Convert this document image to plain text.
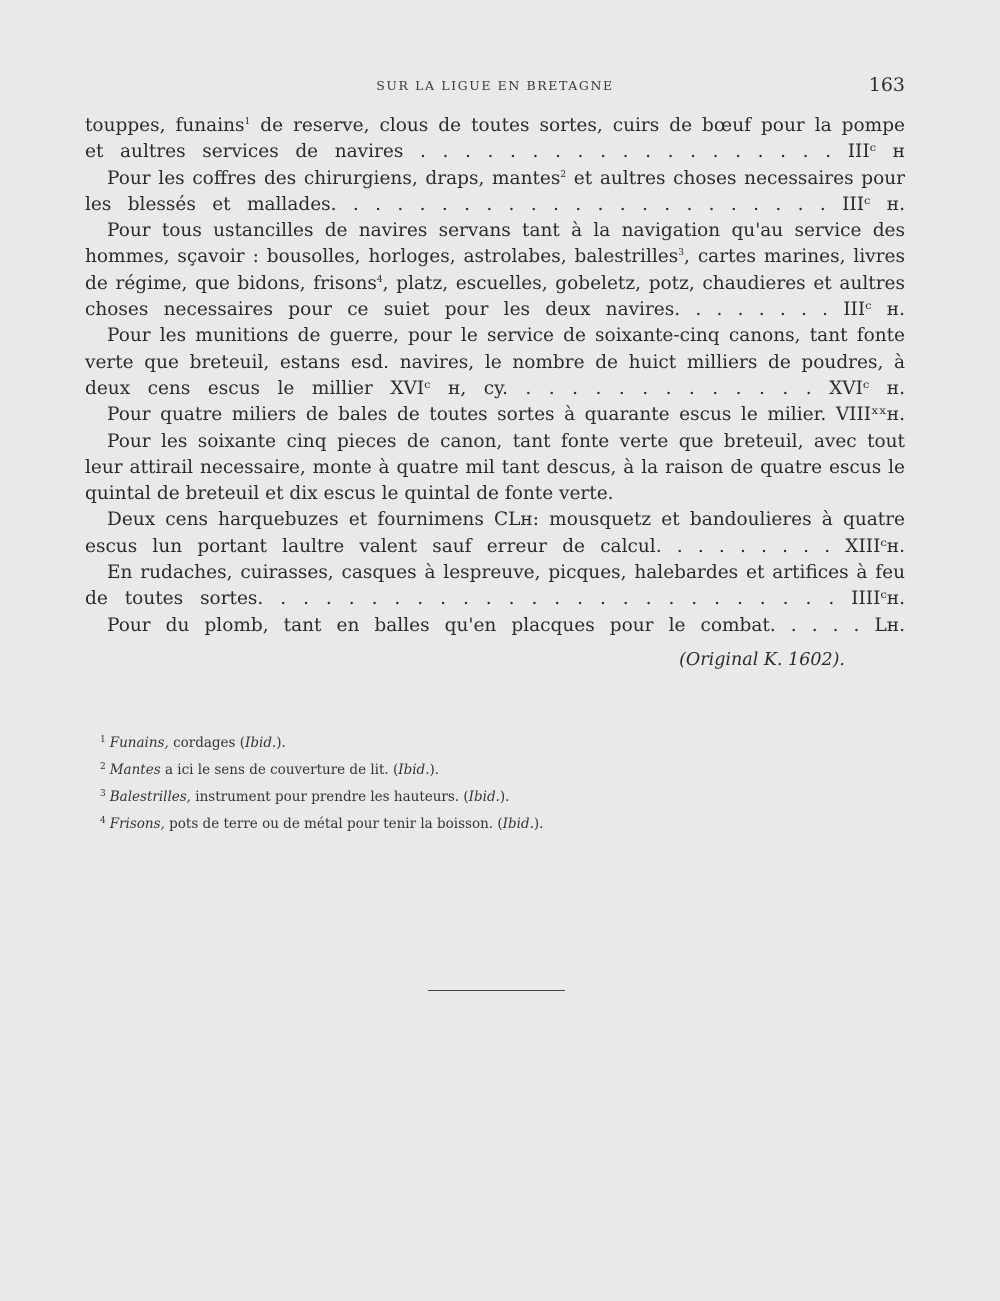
SUR LA LIGUE EN BRETAGNE	163
touppes, funains$^1$ de reserve, clous de toutes sortes, cuirs de bœuf pour la pompe
et aultres services de navires . . . . . . . . . . . . . . . . . . . IIIᶜ ʜ
Pour les coffres des chirurgiens, draps, mantes$^2$ et aultres choses necessaires pour
les blessés et mallades. . . . . . . . . . . . . . . . . . . . . . . IIIᶜ ʜ.
Pour tous ustancilles de navires servans tant à la navigation qu'au service des
hommes, sçavoir : bousolles, horloges, astrolabes, balestrilles$^3$, cartes marines, livres
de régime, que bidons, frisons$^4$, platz, escuelles, gobeletz, potz, chaudieres et aultres
choses necessaires pour ce suiet pour les deux navires. . . . . . . . IIIᶜ ʜ.
Pour les munitions de guerre, pour le service de soixante-cinq canons, tant fonte
verte que breteuil, estans esd. navires, le nombre de huict milliers de poudres, à
deux cens escus le millier XVIᶜ ʜ, cy. . . . . . . . . . . . . . XVIᶜ ʜ.
Pour quatre miliers de bales de toutes sortes à quarante escus le milier. VIIIˣˣʜ.
Pour les soixante cinq pieces de canon, tant fonte verte que breteuil, avec tout
leur attirail necessaire, monte à quatre mil tant descus, à la raison de quatre escus le
quintal de breteuil et dix escus le quintal de fonte verte.
Deux cens harquebuzes et fournimens CLʜ: mousquetz et bandoulieres à quatre
escus lun portant laultre valent sauf erreur de calcul. . . . . . . . . XIIIᶜʜ.
En rudaches, cuirasses, casques à lespreuve, picques, halebardes et artifices à feu
de toutes sortes. . . . . . . . . . . . . . . . . . . . . . . . . . IIIIᶜʜ.
Pour du plomb, tant en balles qu'en placques pour le combat. . . . . Lʜ.
(Original K. 1602).
$^1$ Funains, cordages (Ibid.).
$^2$ Mantes a ici le sens de couverture de lit. (Ibid.).
$^3$ Balestrilles, instrument pour prendre les hauteurs. (Ibid.).
$^4$ Frisons, pots de terre ou de métal pour tenir la boisson. (Ibid.).
